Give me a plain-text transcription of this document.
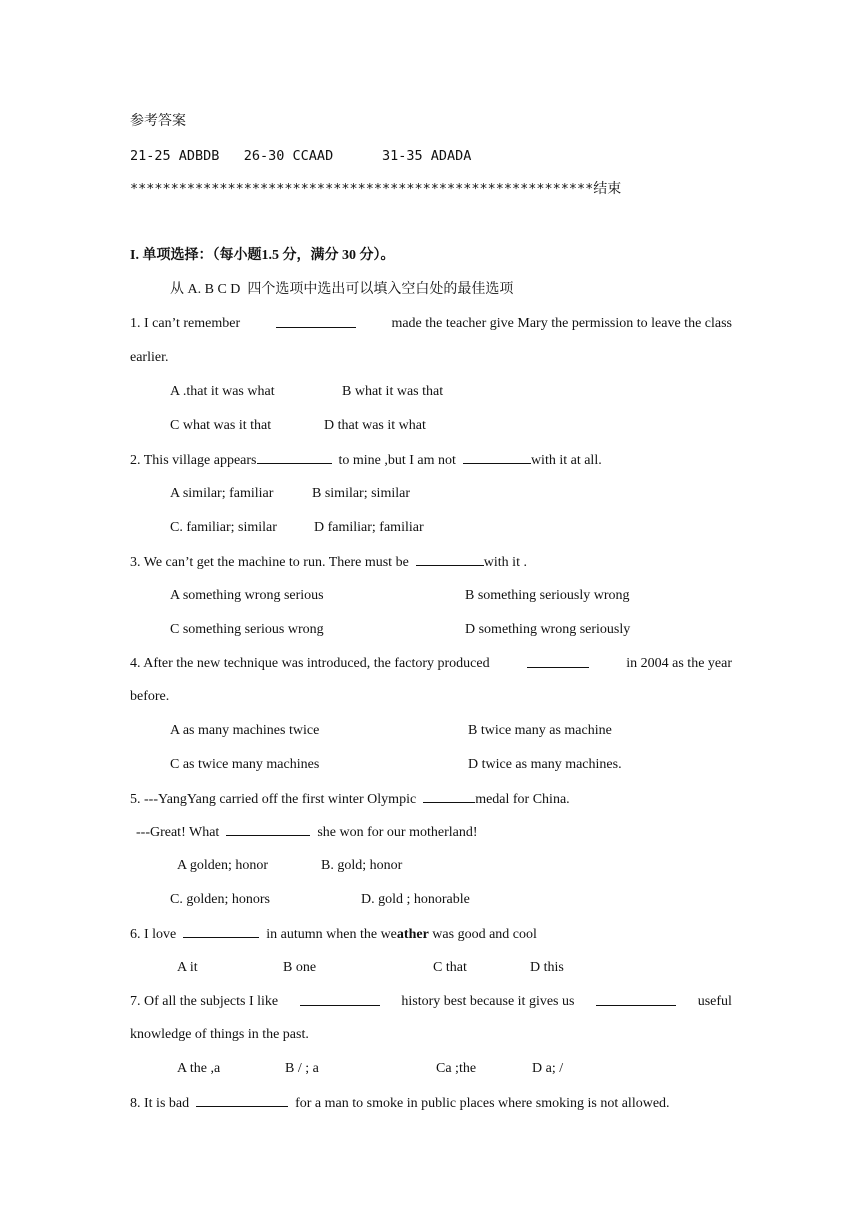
参考答案
21-25 ADBDB   26-30 CCAAD      31-35 ADADA
*********************************************************结束
I. 单项选择：（每小题1.5 分，满分 30 分）。
从 A. B C D  四个选项中选出可以填入空白处的最佳选项
1. I can’t remember	made the teacher give Mary the permission to leave the class
earlier.
A .that it was what	B what it was that
C what was it that	D that was it what
2. This village appears	to mine ,but I am not	with it at all.
A similar; familiar	B similar; similar
C. familiar; similar	D familiar; familiar
3. We can’t get the machine to run. There must be	with it .
A something wrong serious	B something seriously wrong
C something serious wrong	D something wrong seriously
4. After the new technique was introduced, the factory produced	in 2004 as the year
before.
A as many machines twice	B twice many as machine
C as twice many machines	D twice as many machines.
5. ---YangYang carried off the first winter Olympic	medal for China.
---Great! What	she won for our motherland!
A golden; honor	B. gold; honor
C. golden; honors	D. gold ; honorable
6. I love	in autumn when the weather was good and cool
A it	B one	C that	D this
7. Of all the subjects I like	history best because it gives us	useful
knowledge of things in the past.
A the ,a	B / ; a	Ca ;the	D a; /
8. It is bad	for a man to smoke in public places where smoking is not allowed.
